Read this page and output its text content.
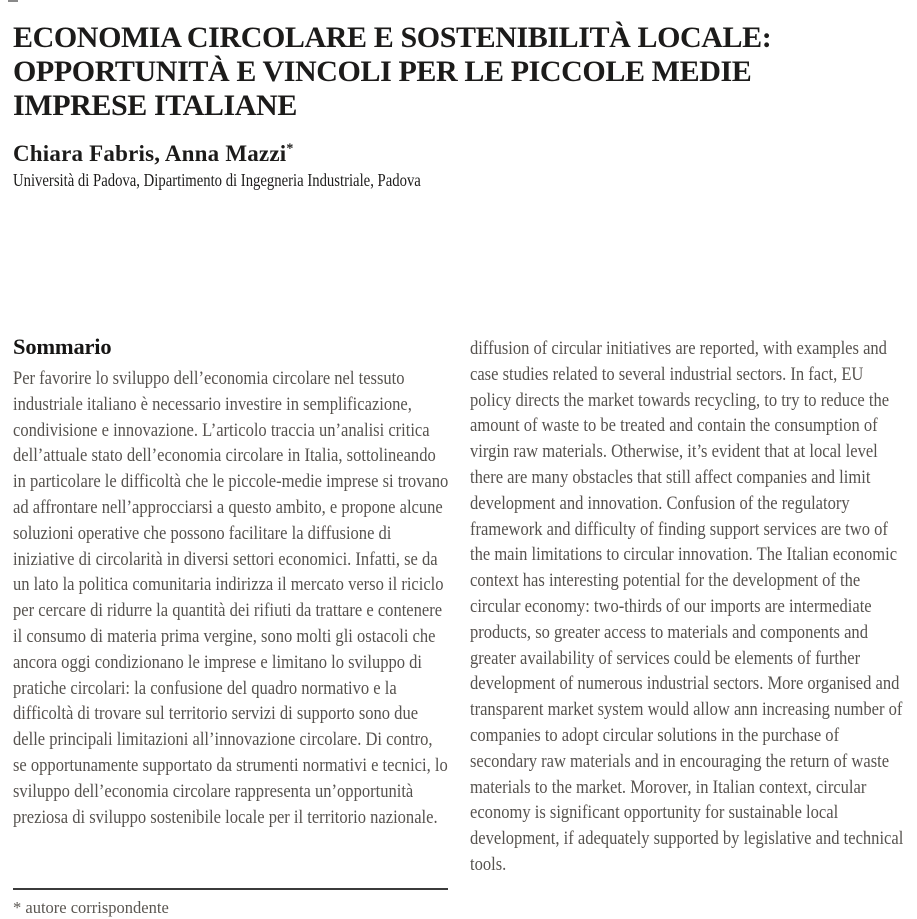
ECONOMIA CIRCOLARE E SOSTENIBILITÀ LOCALE:
OPPORTUNITÀ E VINCOLI PER LE PICCOLE MEDIE
IMPRESE ITALIANE
Chiara Fabris, Anna Mazzi*
Università di Padova, Dipartimento di Ingegneria Industriale, Padova
Sommario

Per favorire lo sviluppo dell’economia circolare nel tessuto industriale italiano è necessario investire in semplificazione, condivisione e innovazione. L’articolo traccia un’analisi critica dell’attuale stato dell’economia circolare in Italia, sottolineando in particolare le difficoltà che le piccole-medie imprese si trovano ad affrontare nell’approcciarsi a questo ambito, e propone alcune soluzioni operative che possono facilitare la diffusione di iniziative di circolarità in diversi settori economici. Infatti, se da un lato la politica comunitaria indirizza il mercato verso il riciclo per cercare di ridurre la quantità dei rifiuti da trattare e contenere il consumo di materia prima vergine, sono molti gli ostacoli che ancora oggi condizionano le imprese e limitano lo sviluppo di pratiche circolari: la confusione del quadro normativo e la difficoltà di trovare sul territorio servizi di supporto sono due delle principali limitazioni all’innovazione circolare. Di contro, se opportunamente supportato da strumenti normativi e tecnici, lo sviluppo dell’economia circolare rappresenta un’opportunità preziosa di sviluppo sostenibile locale per il territorio nazionale.

diffusion of circular initiatives are reported, with examples and case studies related to several industrial sectors. In fact, EU policy directs the market towards recycling, to try to reduce the amount of waste to be treated and contain the consumption of virgin raw materials. Otherwise, it’s evident that at local level there are many obstacles that still affect companies and limit development and innovation. Confusion of the regulatory framework and difficulty of finding support services are two of the main limitations to circular innovation. The Italian economic context has interesting potential for the development of the circular economy: two-thirds of our imports are intermediate products, so greater access to materials and components and greater availability of services could be elements of further development of numerous industrial sectors. More organised and transparent market system would allow ann increasing number of companies to adopt circular solutions in the purchase of secondary raw materials and in encouraging the return of waste materials to the market. Morover, in Italian context, circular economy is significant opportunity for sustainable local development, if adequately supported by legislative and technical tools.

* autore corrispondente
